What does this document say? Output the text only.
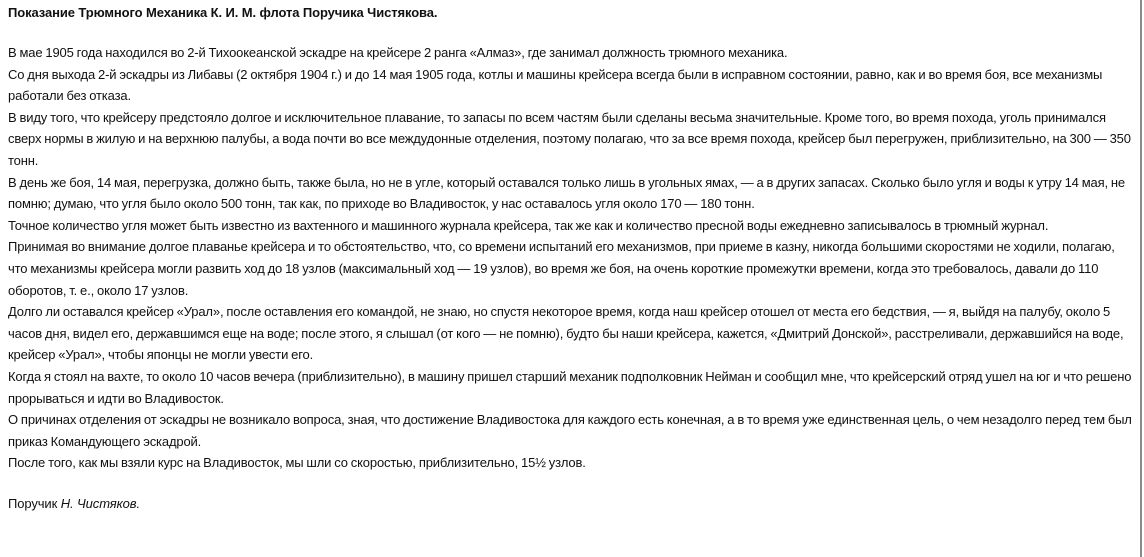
Показание Трюмного Механика К. И. М. флота Поручика Чистякова.

В мае 1905 года находился во 2-й Тихоокеанской эскадре на крейсере 2 ранга «Алмаз», где занимал должность трюмного механика.

Со дня выхода 2-й эскадры из Либавы (2 октября 1904 г.) и до 14 мая 1905 года, котлы и машины крейсера всегда были в исправном состоянии, равно, как и во время боя, все механизмы работали без отказа.

В виду того, что крейсеру предстояло долгое и исключительное плавание, то запасы по всем частям были сделаны весьма значительные. Кроме того, во время похода, уголь принимался сверх нормы в жилую и на верхнюю палубы, а вода почти во все междудонные отделения, поэтому полагаю, что за все время похода, крейсер был перегружен, приблизительно, на 300 — 350 тонн.

В день же боя, 14 мая, перегрузка, должно быть, также была, но не в угле, который оставался только лишь в угольных ямах, — а в других запасах. Сколько было угля и воды к утру 14 мая, не помню; думаю, что угля было около 500 тонн, так как, по приходе во Владивосток, у нас оставалось угля около 170 — 180 тонн.

Точное количество угля может быть известно из вахтенного и машинного журнала крейсера, так же как и количество пресной воды ежедневно записывалось в трюмный журнал.

Принимая во внимание долгое плаванье крейсера и то обстоятельство, что, со времени испытаний его механизмов, при приеме в казну, никогда большими скоростями не ходили, полагаю, что механизмы крейсера могли развить ход до 18 узлов (максимальный ход — 19 узлов), во время же боя, на очень короткие промежутки времени, когда это требовалось, давали до 110 оборотов, т. е., около 17 узлов.

Долго ли оставался крейсер «Урал», после оставления его командой, не знаю, но спустя некоторое время, когда наш крейсер отошел от места его бедствия, — я, выйдя на палубу, около 5 часов дня, видел его, державшимся еще на воде; после этого, я слышал (от кого — не помню), будто бы наши крейсера, кажется, «Дмитрий Донской», расстреливали, державшийся на воде, крейсер «Урал», чтобы японцы не могли увести его.

Когда я стоял на вахте, то около 10 часов вечера (приблизительно), в машину пришел старший механик подполковник Нейман и сообщил мне, что крейсерский отряд ушел на юг и что решено прорываться и идти во Владивосток.

О причинах отделения от эскадры не возникало вопроса, зная, что достижение Владивостока для каждого есть конечная, а в то время уже единственная цель, о чем незадолго перед тем был приказ Командующего эскадрой.

После того, как мы взяли курс на Владивосток, мы шли со скоростью, приблизительно, 15½ узлов.

Поручик Н. Чистяков.
